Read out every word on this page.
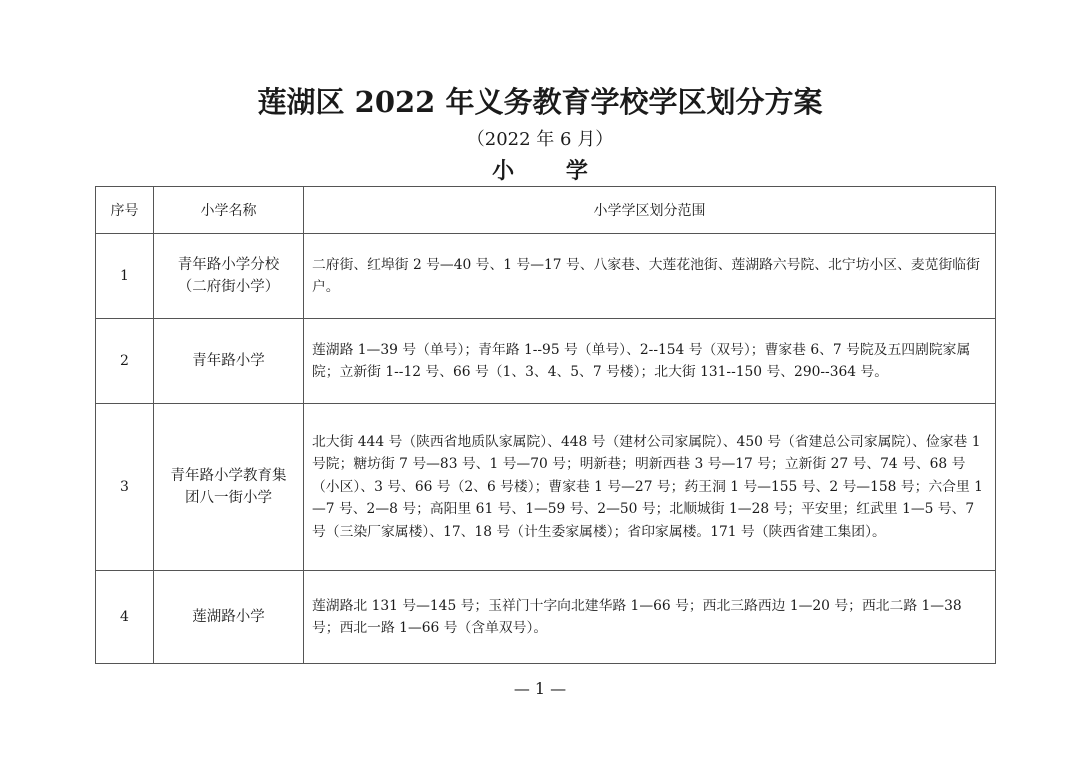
莲湖区 2022 年义务教育学校学区划分方案
（2022 年 6 月）
小 学
序号	小学名称	小学学区划分范围
1	青年路小学分校（二府街小学）	二府街、红埠街 2 号—40 号、1 号—17 号、八家巷、大莲花池街、莲湖路六号院、北宁坊小区、麦苋街临街户。
2	青年路小学	莲湖路 1—39 号（单号）；青年路 1--95 号（单号）、2--154 号（双号）；曹家巷 6、7 号院及五四剧院家属院；立新街 1--12 号、66 号（1、3、4、5、7 号楼）；北大街 131--150 号、290--364 号。
3	青年路小学教育集团八一街小学	北大街 444 号（陕西省地质队家属院）、448 号（建材公司家属院）、450 号（省建总公司家属院）、俭家巷 1 号院；糖坊街 7 号—83 号、1 号—70 号；明新巷；明新西巷 3 号—17 号；立新街 27 号、74 号、68 号（小区）、3 号、66 号（2、6 号楼）；曹家巷 1 号—27 号；药王洞 1 号—155 号、2 号—158 号；六合里 1—7 号、2—8 号；高阳里 61 号、1—59 号、2—50 号；北顺城街 1—28 号；平安里；红武里 1—5 号、7 号（三染厂家属楼）、17、18 号（计生委家属楼）；省印家属楼。171 号（陕西省建工集团）。
4	莲湖路小学	莲湖路北 131 号—145 号；玉祥门十字向北建华路 1—66 号；西北三路西边 1—20 号；西北二路 1—38 号；西北一路 1—66 号（含单双号）。
— 1 —
